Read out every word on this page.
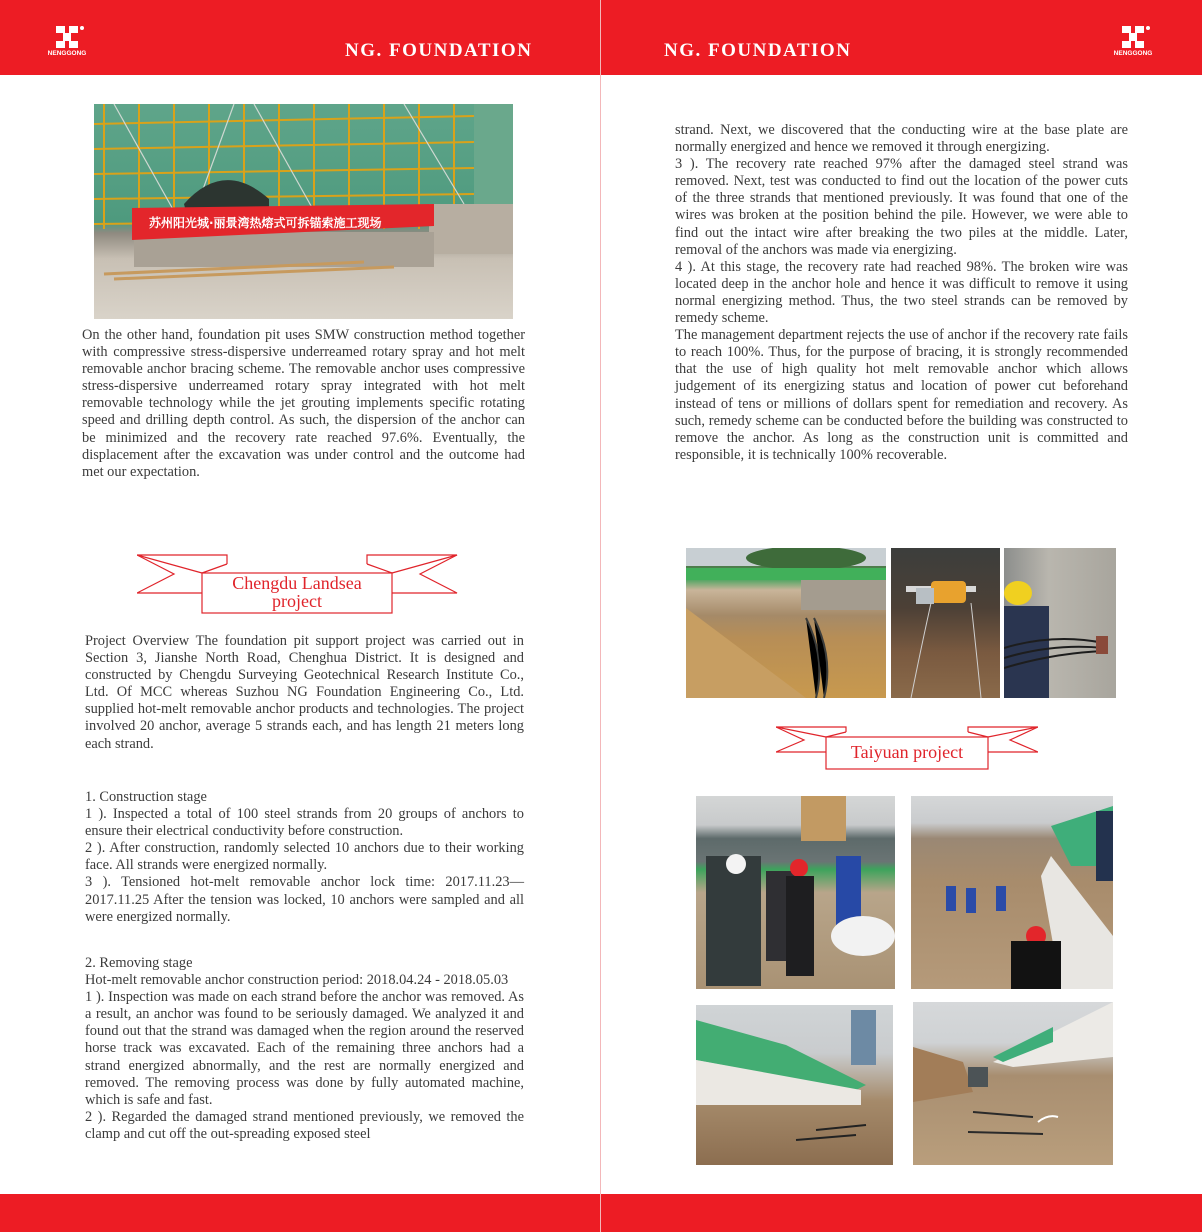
NENGGONG	NG. FOUNDATION	NG. FOUNDATION	NENGGONG
苏州阳光城·丽景湾热熔式可拆锚索施工现场

On the other hand, foundation pit uses SMW construction method together with compressive stress-dispersive underreamed rotary spray and hot melt removable anchor bracing scheme. The removable anchor uses compressive stress-dispersive underreamed rotary spray integrated with hot melt removable technology while the jet grouting implements specific rotating speed and drilling depth control. As such, the dispersion of the anchor can be minimized and the recovery rate reached 97.6%. Eventually, the displacement after the excavation was under control and the outcome had met our expectation.

Chengdu Landsea
project

Project Overview The foundation pit support project was carried out in Section 3, Jianshe North Road, Chenghua District. It is designed and constructed by Chengdu Surveying Geotechnical Research Institute Co., Ltd. Of MCC whereas Suzhou NG Foundation Engineering Co., Ltd. supplied hot-melt removable anchor products and technologies. The project involved 20 anchor, average 5 strands each, and has length 21 meters long each strand.

1. Construction stage

1 ). Inspected a total of 100 steel strands from 20 groups of anchors to ensure their electrical conductivity before construction.

2 ). After construction, randomly selected 10 anchors due to their working face. All strands were energized normally.

3 ). Tensioned hot-melt removable anchor lock time: 2017.11.23—2017.11.25 After the tension was locked, 10 anchors were sampled and all were energized normally.

2. Removing stage

Hot-melt removable anchor construction period: 2018.04.24 - 2018.05.03

1 ). Inspection was made on each strand before the anchor was removed. As a result, an anchor was found to be seriously damaged. We analyzed it and found out that the strand was damaged when the region around the reserved horse track was excavated. Each of the remaining three anchors had a strand energized abnormally, and the rest are normally energized and removed. The removing process was done by fully automated machine, which is safe and fast.

2 ). Regarded the damaged strand mentioned previously, we removed the clamp and cut off the out-spreading exposed steel

strand. Next, we discovered that the conducting wire at the base plate are normally energized and hence we removed it through energizing.

3 ). The recovery rate reached 97% after the damaged steel strand was removed. Next, test was conducted to find out the location of the power cuts of the three strands that mentioned previously. It was found that one of the wires was broken at the position behind the pile. However, we were able to find out the intact wire after breaking the two piles at the middle. Later, removal of the anchors was made via energizing.

4 ). At this stage, the recovery rate had reached 98%. The broken wire was located deep in the anchor hole and hence it was difficult to remove it using normal energizing method. Thus, the two steel strands can be removed by remedy scheme.

The management department rejects the use of anchor if the recovery rate fails to reach 100%. Thus, for the purpose of bracing, it is strongly recommended that the use of high quality hot melt removable anchor which allows judgement of its energizing status and location of power cut beforehand instead of tens or millions of dollars spent for remediation and recovery. As such, remedy scheme can be conducted before the building was constructed to remove the anchor. As long as the construction unit is committed and responsible, it is technically 100% recoverable.

Taiyuan project
